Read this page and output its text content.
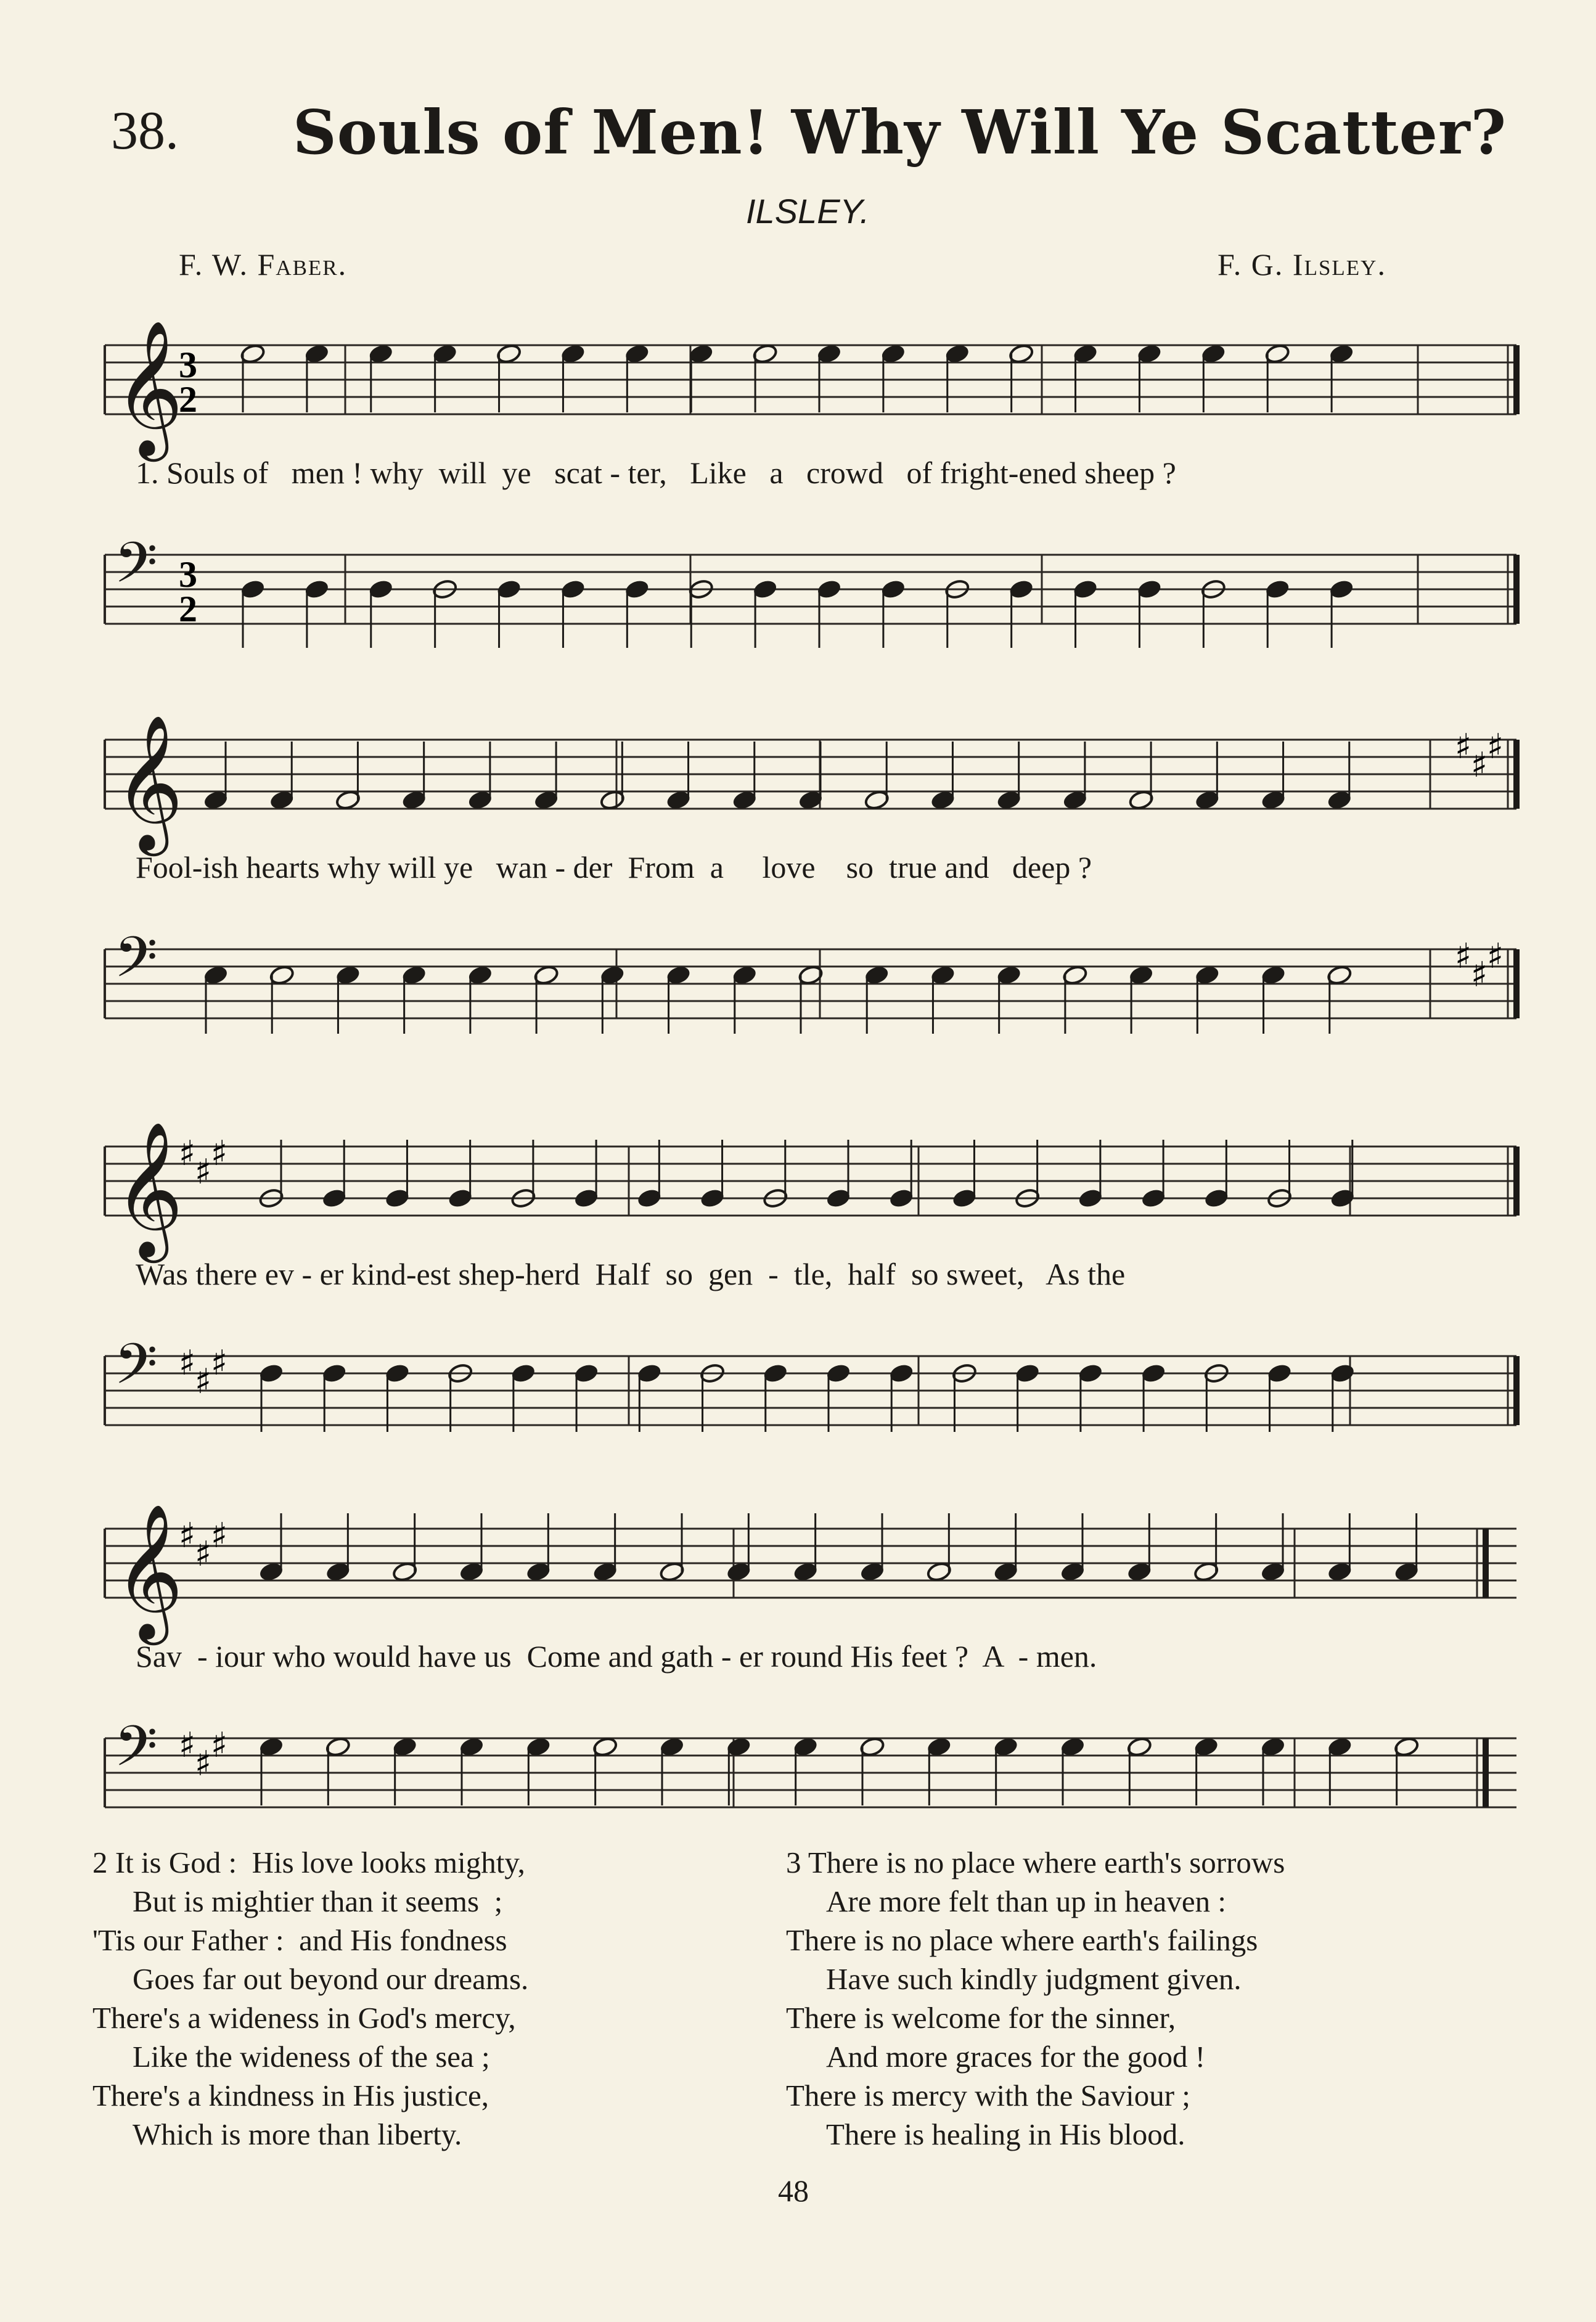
38. Souls of Men! Why Will Ye Scatter?
ILSLEY.
F. W. Faber.	F. G. Ilsley.
𝄞
3
2
1. Souls of   men ! why  will  ye   scat - ter,   Like   a   crowd   of fright-ened sheep ?
𝄢 3
2
𝄞	♯
♯
♯
Fool-ish hearts why will ye   wan - der  From  a     love    so  true and   deep ?
𝄢	♯
♯
♯
𝄞
♯
♯
♯
Was there ev - er kind-est shep-herd  Half  so  gen  -  tle,  half  so sweet,   As the
𝄢 ♯
♯
♯
𝄞
♯
♯
♯
Sav  - iour who would have us  Come and gath - er round His feet ?  A  - men.
𝄢 ♯
♯
♯
2 It is God :  His love looks mighty,
But is mightier than it seems  ;
'Tis our Father :  and His fondness
Goes far out beyond our dreams.
There's a wideness in God's mercy,
Like the wideness of the sea ;
There's a kindness in His justice,
Which is more than liberty.
3 There is no place where earth's sorrows
Are more felt than up in heaven :
There is no place where earth's failings
Have such kindly judgment given.
There is welcome for the sinner,
And more graces for the good !
There is mercy with the Saviour ;
There is healing in His blood.
48
